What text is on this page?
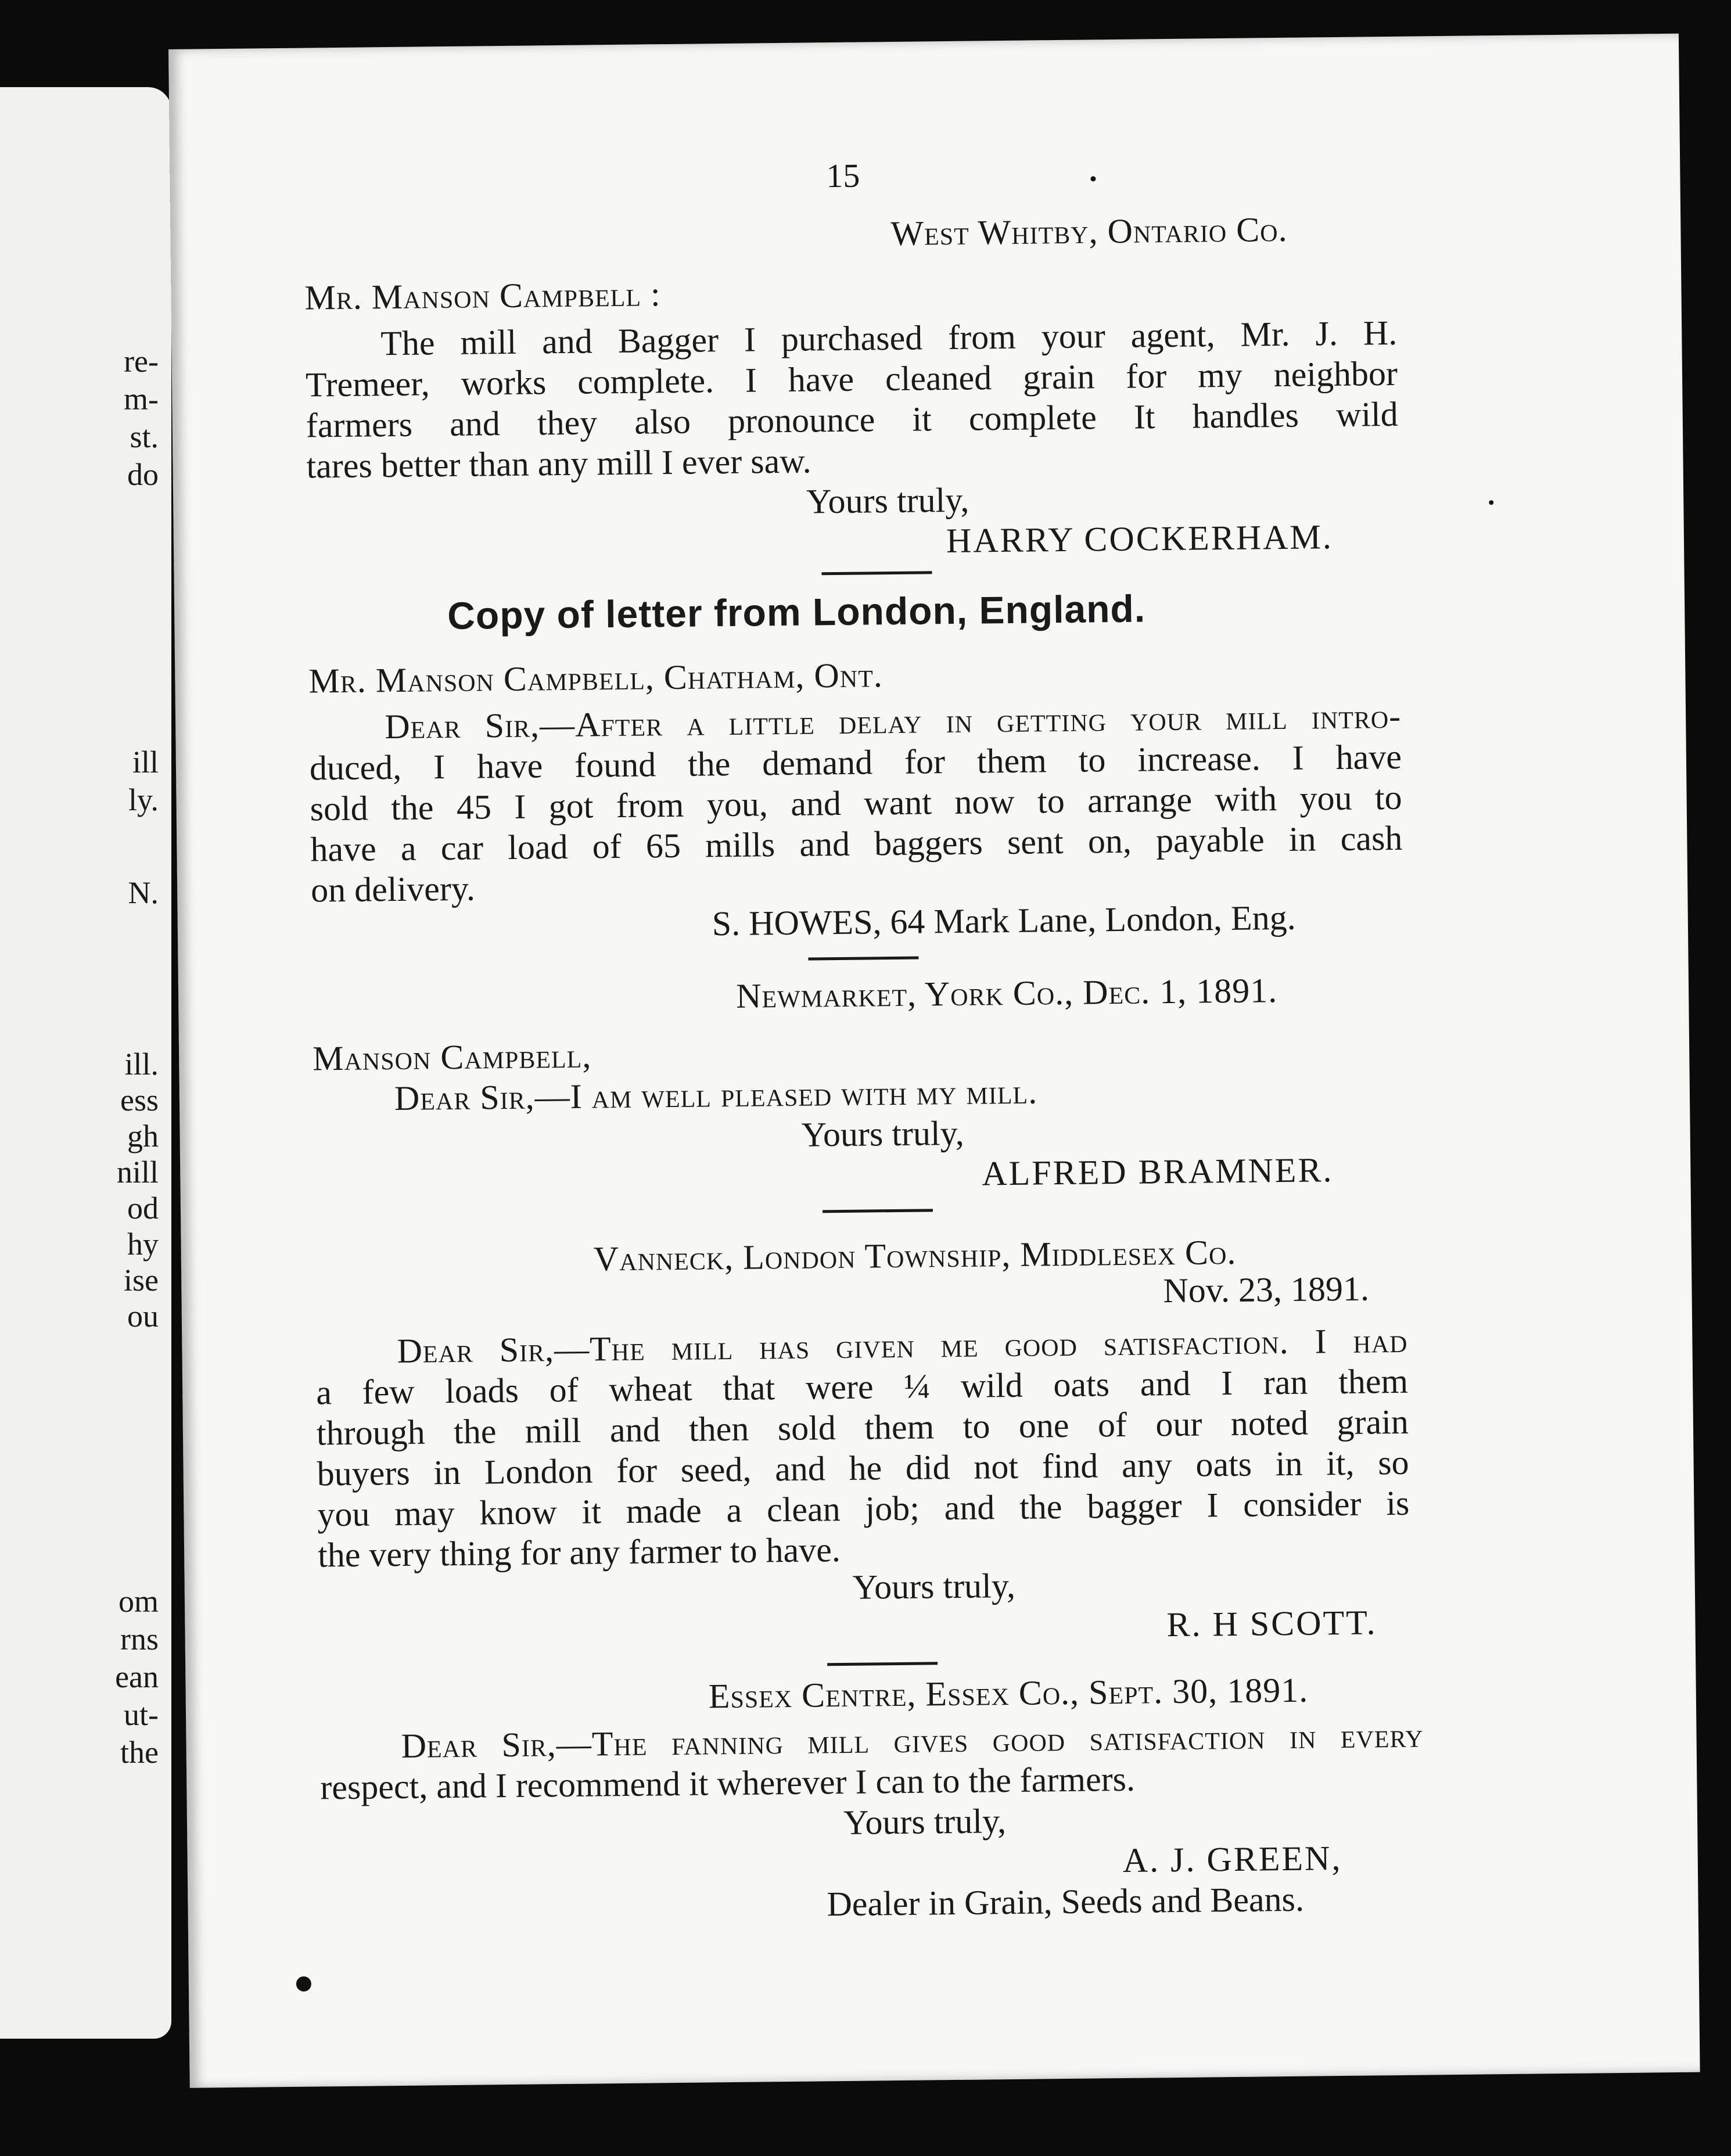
re-
m-
st.
do
ill
ly.
N.
ill.
ess
gh
nill
od
hy
ise
ou
om
rns
ean
ut-
the
15
West Whitby, Ontario Co.
Mr. Manson Campbell :
The mill and Bagger I purchased from your agent, Mr. J. H.
Tremeer, works complete. I have cleaned grain for my neighbor
farmers and they also pronounce it complete It handles wild
tares better than any mill I ever saw.
Yours truly,
HARRY COCKERHAM.
Copy of letter from London, England.
Mr. Manson Campbell, Chatham, Ont.
Dear Sir,—After a little delay in getting your mill intro-
duced, I have found the demand for them to increase. I have
sold the 45 I got from you, and want now to arrange with you to
have a car load of 65 mills and baggers sent on, payable in cash
on delivery.
S. HOWES, 64 Mark Lane, London, Eng.
Newmarket, York Co., Dec. 1, 1891.
Manson Campbell,
Dear Sir,—I am well pleased with my mill.
Yours truly,
ALFRED BRAMNER.
Vanneck, London Township, Middlesex Co.
Nov. 23, 1891.
Dear Sir,—The mill has given me good satisfaction. I had
a few loads of wheat that were ¼ wild oats and I ran them
through the mill and then sold them to one of our noted grain
buyers in London for seed, and he did not find any oats in it, so
you may know it made a clean job; and the bagger I consider is
the very thing for any farmer to have.
Yours truly,
R. H SCOTT.
Essex Centre, Essex Co., Sept. 30, 1891.
Dear Sir,—The fanning mill gives good satisfaction in every
respect, and I recommend it wherever I can to the farmers.
Yours truly,
A. J. GREEN,
Dealer in Grain, Seeds and Beans.
